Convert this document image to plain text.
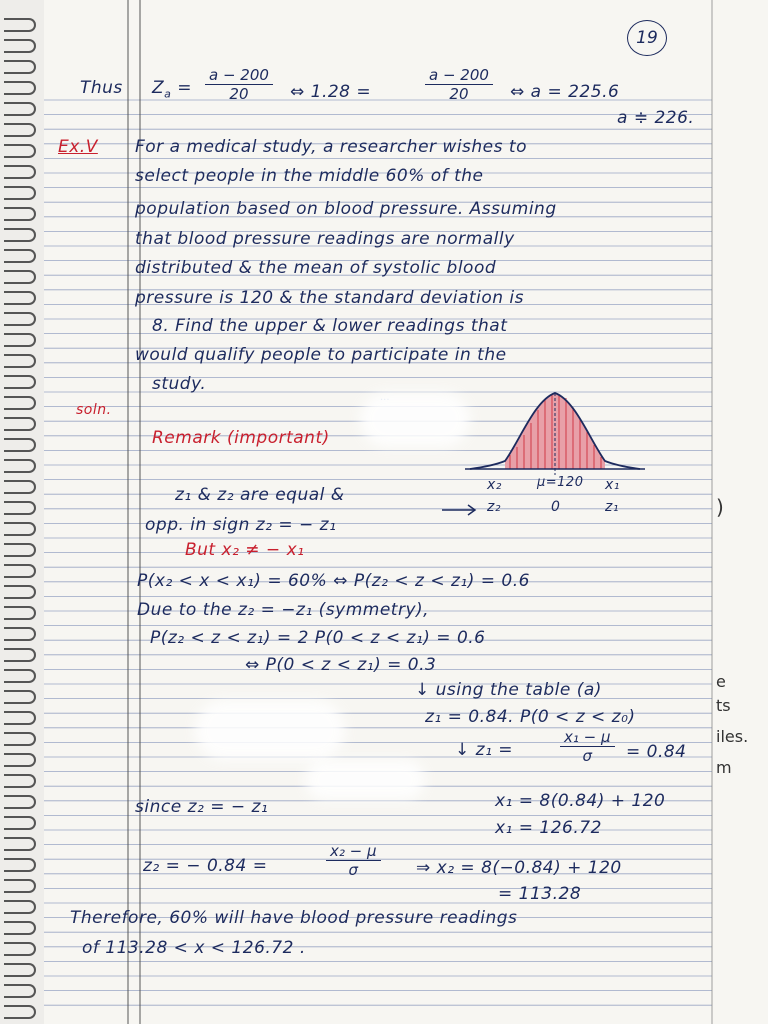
19
Thus $Z_a = \frac{a - 200}{20}$ ⇔ 1.28 =	$\frac{a - 200}{20}$ ⇔ a = 225.6
a ≑ 226.
Ex.V For a medical study, a researcher wishes to
select people in the middle 60% of the
population based on blood pressure. Assuming
that blood pressure readings are normally
distributed & the mean of systolic blood
pressure is 120 & the standard deviation is
8. Find the upper & lower readings that
would qualify people to participate in the
study.
soln.
Remark (important)
x₂	μ=120 x₁
z₂	0	z₁
z₁ & z₂ are equal &
opp. in sign z₂ = − z₁
But x₂ ≠ − x₁
P(x₂ < x < x₁) = 60% ⇔ P(z₂ < z < z₁) = 0.6
Due to the z₂ = −z₁ (symmetry),
P(z₂ < z < z₁) = 2 P(0 < z < z₁) = 0.6
⇔ P(0 < z < z₁) = 0.3
↓ using the table (a)
z₁ = 0.84. P(0 < z < z₀)
↓ z₁ =	$\frac{\text{x₁ − μ}}{\sigma} = 0.84$
x₁ = 8(0.84) + 120
x₁ = 126.72
since z₂ = − z₁
z₂ = − 0.84 =	$\frac{\text{x₂ − μ}}{\sigma}$ ⇒ x₂ = 8(−0.84) + 120
= 113.28
Therefore, 60% will have blood pressure readings
of 113.28 < x < 126.72 .
e
ts
iles.
m
)
